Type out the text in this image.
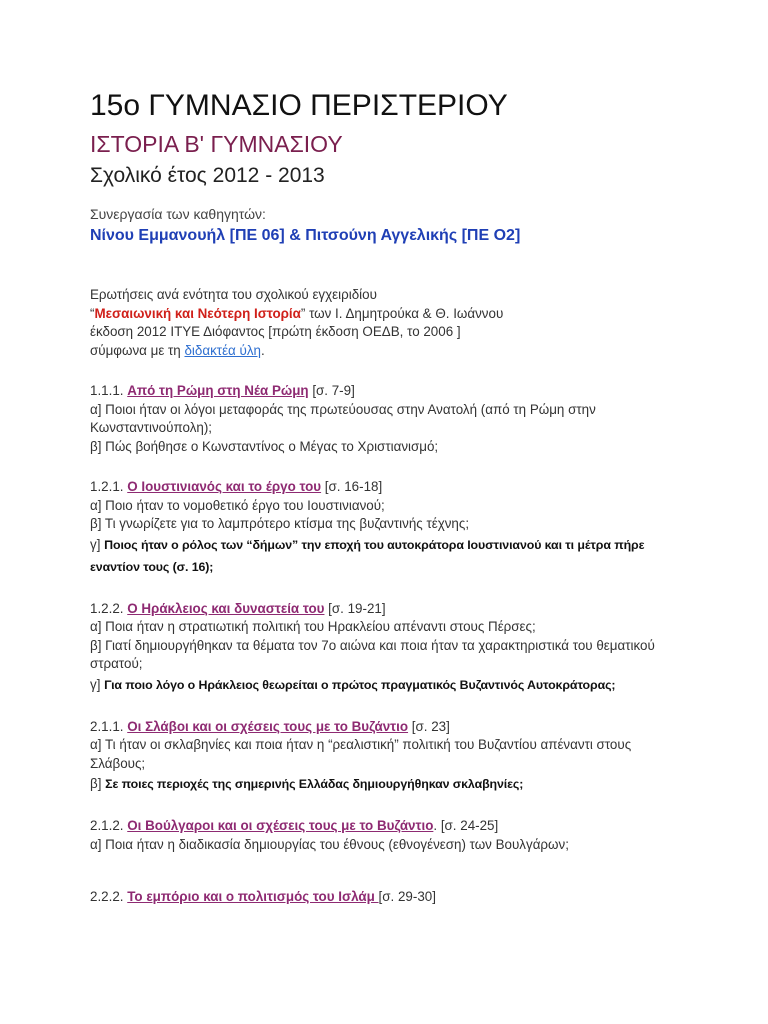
15ο ΓΥΜΝΑΣΙΟ ΠΕΡΙΣΤΕΡΙΟΥ
ΙΣΤΟΡΙΑ Β' ΓΥΜΝΑΣΙΟΥ
Σχολικό έτος 2012 - 2013
Συνεργασία των καθηγητών:
Νίνου Εμμανουήλ [ΠΕ 06] & Πιτσούνη Αγγελικής [ΠΕ Ο2]
Ερωτήσεις ανά ενότητα του σχολικού εγχειριδίου
“Μεσαιωνική και Νεότερη Ιστορία” των Ι. Δημητρούκα & Θ. Ιωάννου
έκδοση 2012 ΙΤΥΕ Διόφαντος [πρώτη έκδοση ΟΕΔΒ, το 2006 ]
σύμφωνα με τη διδακτέα ύλη.
1.1.1. Από τη Ρώμη στη Νέα Ρώμη [σ. 7-9]
α] Ποιοι ήταν οι λόγοι μεταφοράς της πρωτεύουσας στην Ανατολή (από τη Ρώμη στην
Κωνσταντινούπολη);
β] Πώς βοήθησε ο Κωνσταντίνος ο Μέγας το Χριστιανισμό;
1.2.1. Ο Ιουστινιανός και το έργο του [σ. 16-18]
α] Ποιο ήταν το νομοθετικό έργο του Ιουστινιανού;
β] Τι γνωρίζετε για το λαμπρότερο κτίσμα της βυζαντινής τέχνης;
γ] Ποιος ήταν ο ρόλος των “δήμων” την εποχή του αυτοκράτορα Ιουστινιανού και τι μέτρα πήρε
εναντίον τους (σ. 16);
1.2.2. Ο Ηράκλειος και δυναστεία του [σ. 19-21]
α] Ποια ήταν η στρατιωτική πολιτική του Ηρακλείου απέναντι στους Πέρσες;
β] Γιατί δημιουργήθηκαν τα θέματα τον 7ο αιώνα και ποια ήταν τα χαρακτηριστικά του θεματικού
στρατού;
γ] Για ποιο λόγο ο Ηράκλειος θεωρείται ο πρώτος πραγματικός Βυζαντινός Αυτοκράτορας;
2.1.1. Οι Σλάβοι και οι σχέσεις τους με το Βυζάντιο [σ. 23]
α] Τι ήταν οι σκλαβηνίες και ποια ήταν η “ρεαλιστική” πολιτική του Βυζαντίου απέναντι στους
Σλάβους;
β] Σε ποιες περιοχές της σημερινής Ελλάδας δημιουργήθηκαν σκλαβηνίες;
2.1.2. Οι Βούλγαροι και οι σχέσεις τους με το Βυζάντιο. [σ. 24-25]
α] Ποια ήταν η διαδικασία δημιουργίας του έθνους (εθνογένεση) των Βουλγάρων;
2.2.2. Το εμπόριο και ο πολιτισμός του Ισλάμ [σ. 29-30]
